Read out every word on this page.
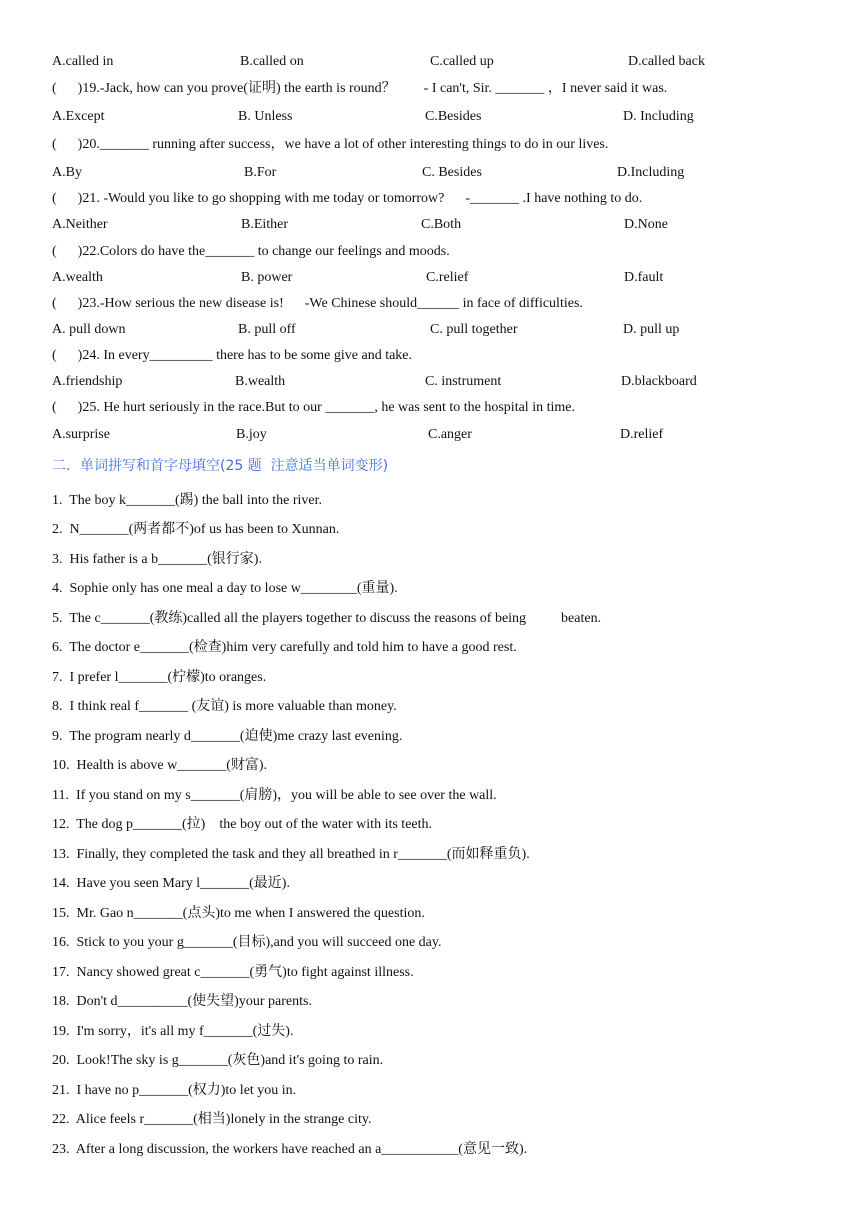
A.called in	B.called on	C.called up	D.called back
(      )19.-Jack, how can you prove(证明) the earth is round？        - I can't, Sir. _______ ，I never said it was.
A.Except	B. Unless	C.Besides	D. Including
(      )20._______ running after success，we have a lot of other interesting things to do in our lives.
A.By	B.For	C. Besides	D.Including
(      )21. -Would you like to go shopping with me today or tomorrow?      -_______ .I have nothing to do.
A.Neither	B.Either	C.Both	D.None
(      )22.Colors do have the_______ to change our feelings and moods.
A.wealth	B. power	C.relief	D.fault
(      )23.-How serious the new disease is!      -We Chinese should______ in face of difficulties.
A. pull down	B. pull off	C. pull together	D. pull up
(      )24. In every_________ there has to be some give and take.
A.friendship	B.wealth	C. instrument	D.blackboard
(      )25. He hurt seriously in the race.But to our _______, he was sent to the hospital in time.
A.surprise	B.joy	C.anger	D.relief
二．单词拼写和首字母填空(25 题  注意适当单词变形)
1.  The boy k_______(踢) the ball into the river.
2.  N_______(两者都不)of us has been to Xunnan.
3.  His father is a b_______(银行家).
4.  Sophie only has one meal a day to lose w________(重量).
5.  The c_______(教练)called all the players together to discuss the reasons of being          beaten.
6.  The doctor e_______(检查)him very carefully and told him to have a good rest.
7.  I prefer l_______(柠檬)to oranges.
8.  I think real f_______ (友谊) is more valuable than money.
9.  The program nearly d_______(迫使)me crazy last evening.
10.  Health is above w_______(财富).
11.  If you stand on my s_______(肩膀)，you will be able to see over the wall.
12.  The dog p_______(拉)    the boy out of the water with its teeth.
13.  Finally, they completed the task and they all breathed in r_______(而如释重负).
14.  Have you seen Mary l_______(最近).
15.  Mr. Gao n_______(点头)to me when I answered the question.
16.  Stick to you your g_______(目标),and you will succeed one day.
17.  Nancy showed great c_______(勇气)to fight against illness.
18.  Don't d__________(使失望)your parents.
19.  I'm sorry，it's all my f_______(过失).
20.  Look!The sky is g_______(灰色)and it's going to rain.
21.  I have no p_______(权力)to let you in.
22.  Alice feels r_______(相当)lonely in the strange city.
23.  After a long discussion, the workers have reached an a___________(意见一致).
